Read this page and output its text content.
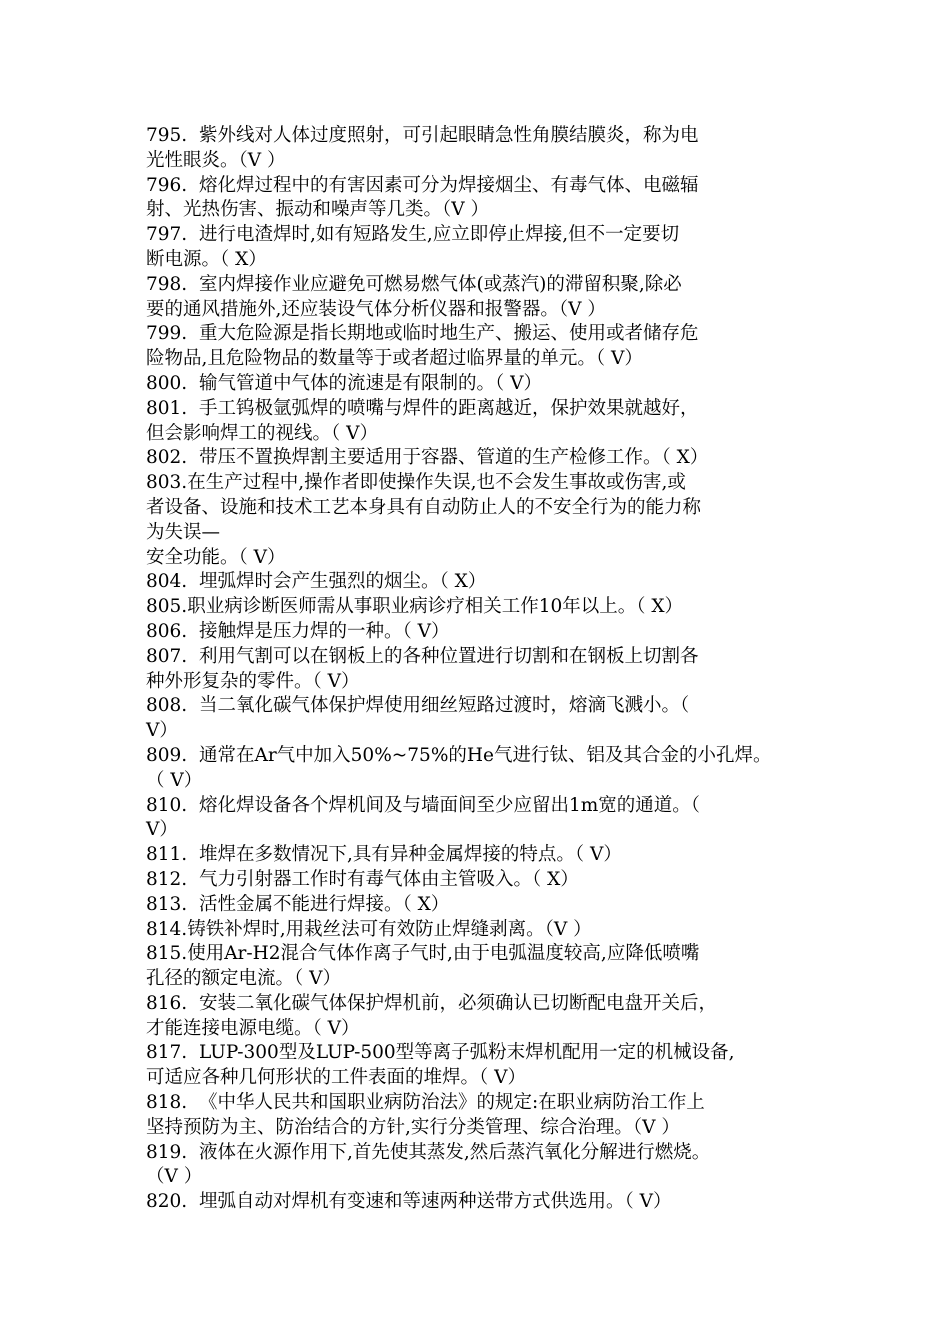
795.  紫外线对人体过度照射，可引起眼睛急性角膜结膜炎，称为电
光性眼炎。（V ）
796.  熔化焊过程中的有害因素可分为焊接烟尘、有毒气体、电磁辐
射、光热伤害、振动和噪声等几类。（V ）
797.  进行电渣焊时,如有短路发生,应立即停止焊接,但不一定要切
断电源。（ X）
798.  室内焊接作业应避免可燃易燃气体(或蒸汽)的滞留积聚,除必
要的通风措施外,还应装设气体分析仪器和报警器。（V ）
799.  重大危险源是指长期地或临时地生产、搬运、使用或者储存危
险物品,且危险物品的数量等于或者超过临界量的单元。（ V）
800.  输气管道中气体的流速是有限制的。（ V）
801.  手工钨极氩弧焊的喷嘴与焊件的距离越近，保护效果就越好，
但会影响焊工的视线。（ V）
802.  带压不置换焊割主要适用于容器、管道的生产检修工作。（ X）
803.在生产过程中,操作者即使操作失误,也不会发生事故或伤害,或
者设备、设施和技术工艺本身具有自动防止人的不安全行为的能力称
为失误—
安全功能。（ V）
804.  埋弧焊时会产生强烈的烟尘。（ X）
805.职业病诊断医师需从事职业病诊疗相关工作10年以上。（ X）
806.  接触焊是压力焊的一种。（ V）
807.  利用气割可以在钢板上的各种位置进行切割和在钢板上切割各
种外形复杂的零件。（ V）
808.  当二氧化碳气体保护焊使用细丝短路过渡时，熔滴飞溅小。（
V）
809.  通常在Ar气中加入50%~75%的He气进行钛、铝及其合金的小孔焊。
（ V）
810.  熔化焊设备各个焊机间及与墙面间至少应留出1m宽的通道。（
V）
811.  堆焊在多数情况下,具有异种金属焊接的特点。（ V）
812.  气力引射器工作时有毒气体由主管吸入。（ X）
813.  活性金属不能进行焊接。（ X）
814.铸铁补焊时,用栽丝法可有效防止焊缝剥离。（V ）
815.使用Ar-H2混合气体作离子气时,由于电弧温度较高,应降低喷嘴
孔径的额定电流。（ V）
816.  安装二氧化碳气体保护焊机前，必须确认已切断配电盘开关后，
才能连接电源电缆。（ V）
817.  LUP-300型及LUP-500型等离子弧粉末焊机配用一定的机械设备,
可适应各种几何形状的工件表面的堆焊。（ V）
818.  《中华人民共和国职业病防治法》的规定:在职业病防治工作上
坚持预防为主、防治结合的方针,实行分类管理、综合治理。（V ）
819.  液体在火源作用下,首先使其蒸发,然后蒸汽氧化分解进行燃烧。
（V ）
820.  埋弧自动对焊机有变速和等速两种送带方式供选用。（ V）
